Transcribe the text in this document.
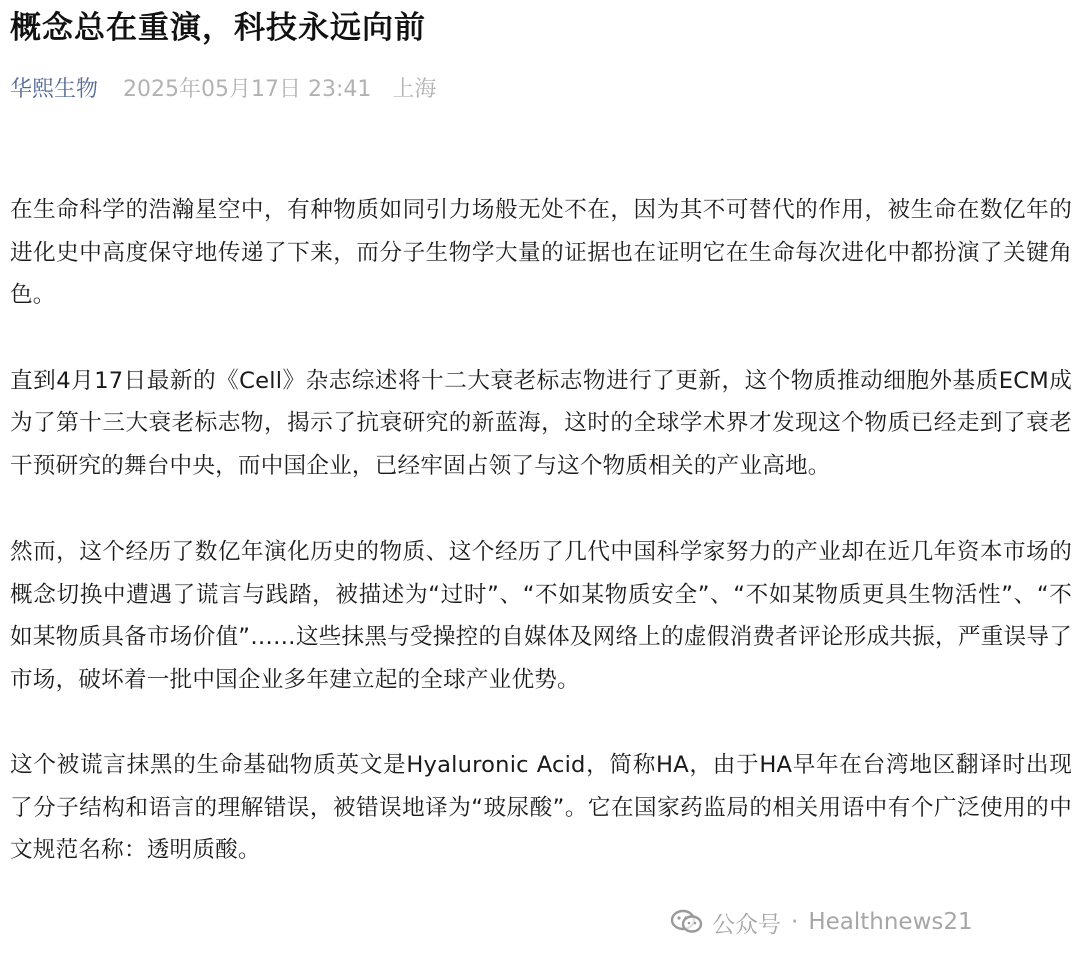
概念总在重演，科技永远向前
华熙生物 2025年05月17日 23:41 上海

在生命科学的浩瀚星空中，有种物质如同引力场般无处不在，因为其不可替代的作用，被生命在数亿年的进化史中高度保守地传递了下来，而分子生物学大量的证据也在证明它在生命每次进化中都扮演了关键角色。

直到4月17日最新的《Cell》杂志综述将十二大衰老标志物进行了更新，这个物质推动细胞外基质ECM成为了第十三大衰老标志物，揭示了抗衰研究的新蓝海，这时的全球学术界才发现这个物质已经走到了衰老干预研究的舞台中央，而中国企业，已经牢固占领了与这个物质相关的产业高地。

然而，这个经历了数亿年演化历史的物质、这个经历了几代中国科学家努力的产业却在近几年资本市场的概念切换中遭遇了谎言与践踏，被描述为“过时”、“不如某物质安全”、“不如某物质更具生物活性”、“不如某物质具备市场价值”……这些抹黑与受操控的自媒体及网络上的虚假消费者评论形成共振，严重误导了市场，破坏着一批中国企业多年建立起的全球产业优势。

这个被谎言抹黑的生命基础物质英文是Hyaluronic Acid，简称HA，由于HA早年在台湾地区翻译时出现了分子结构和语言的理解错误，被错误地译为“玻尿酸”。它在国家药监局的相关用语中有个广泛使用的中文规范名称：透明质酸。

公众号 · Healthnews21
